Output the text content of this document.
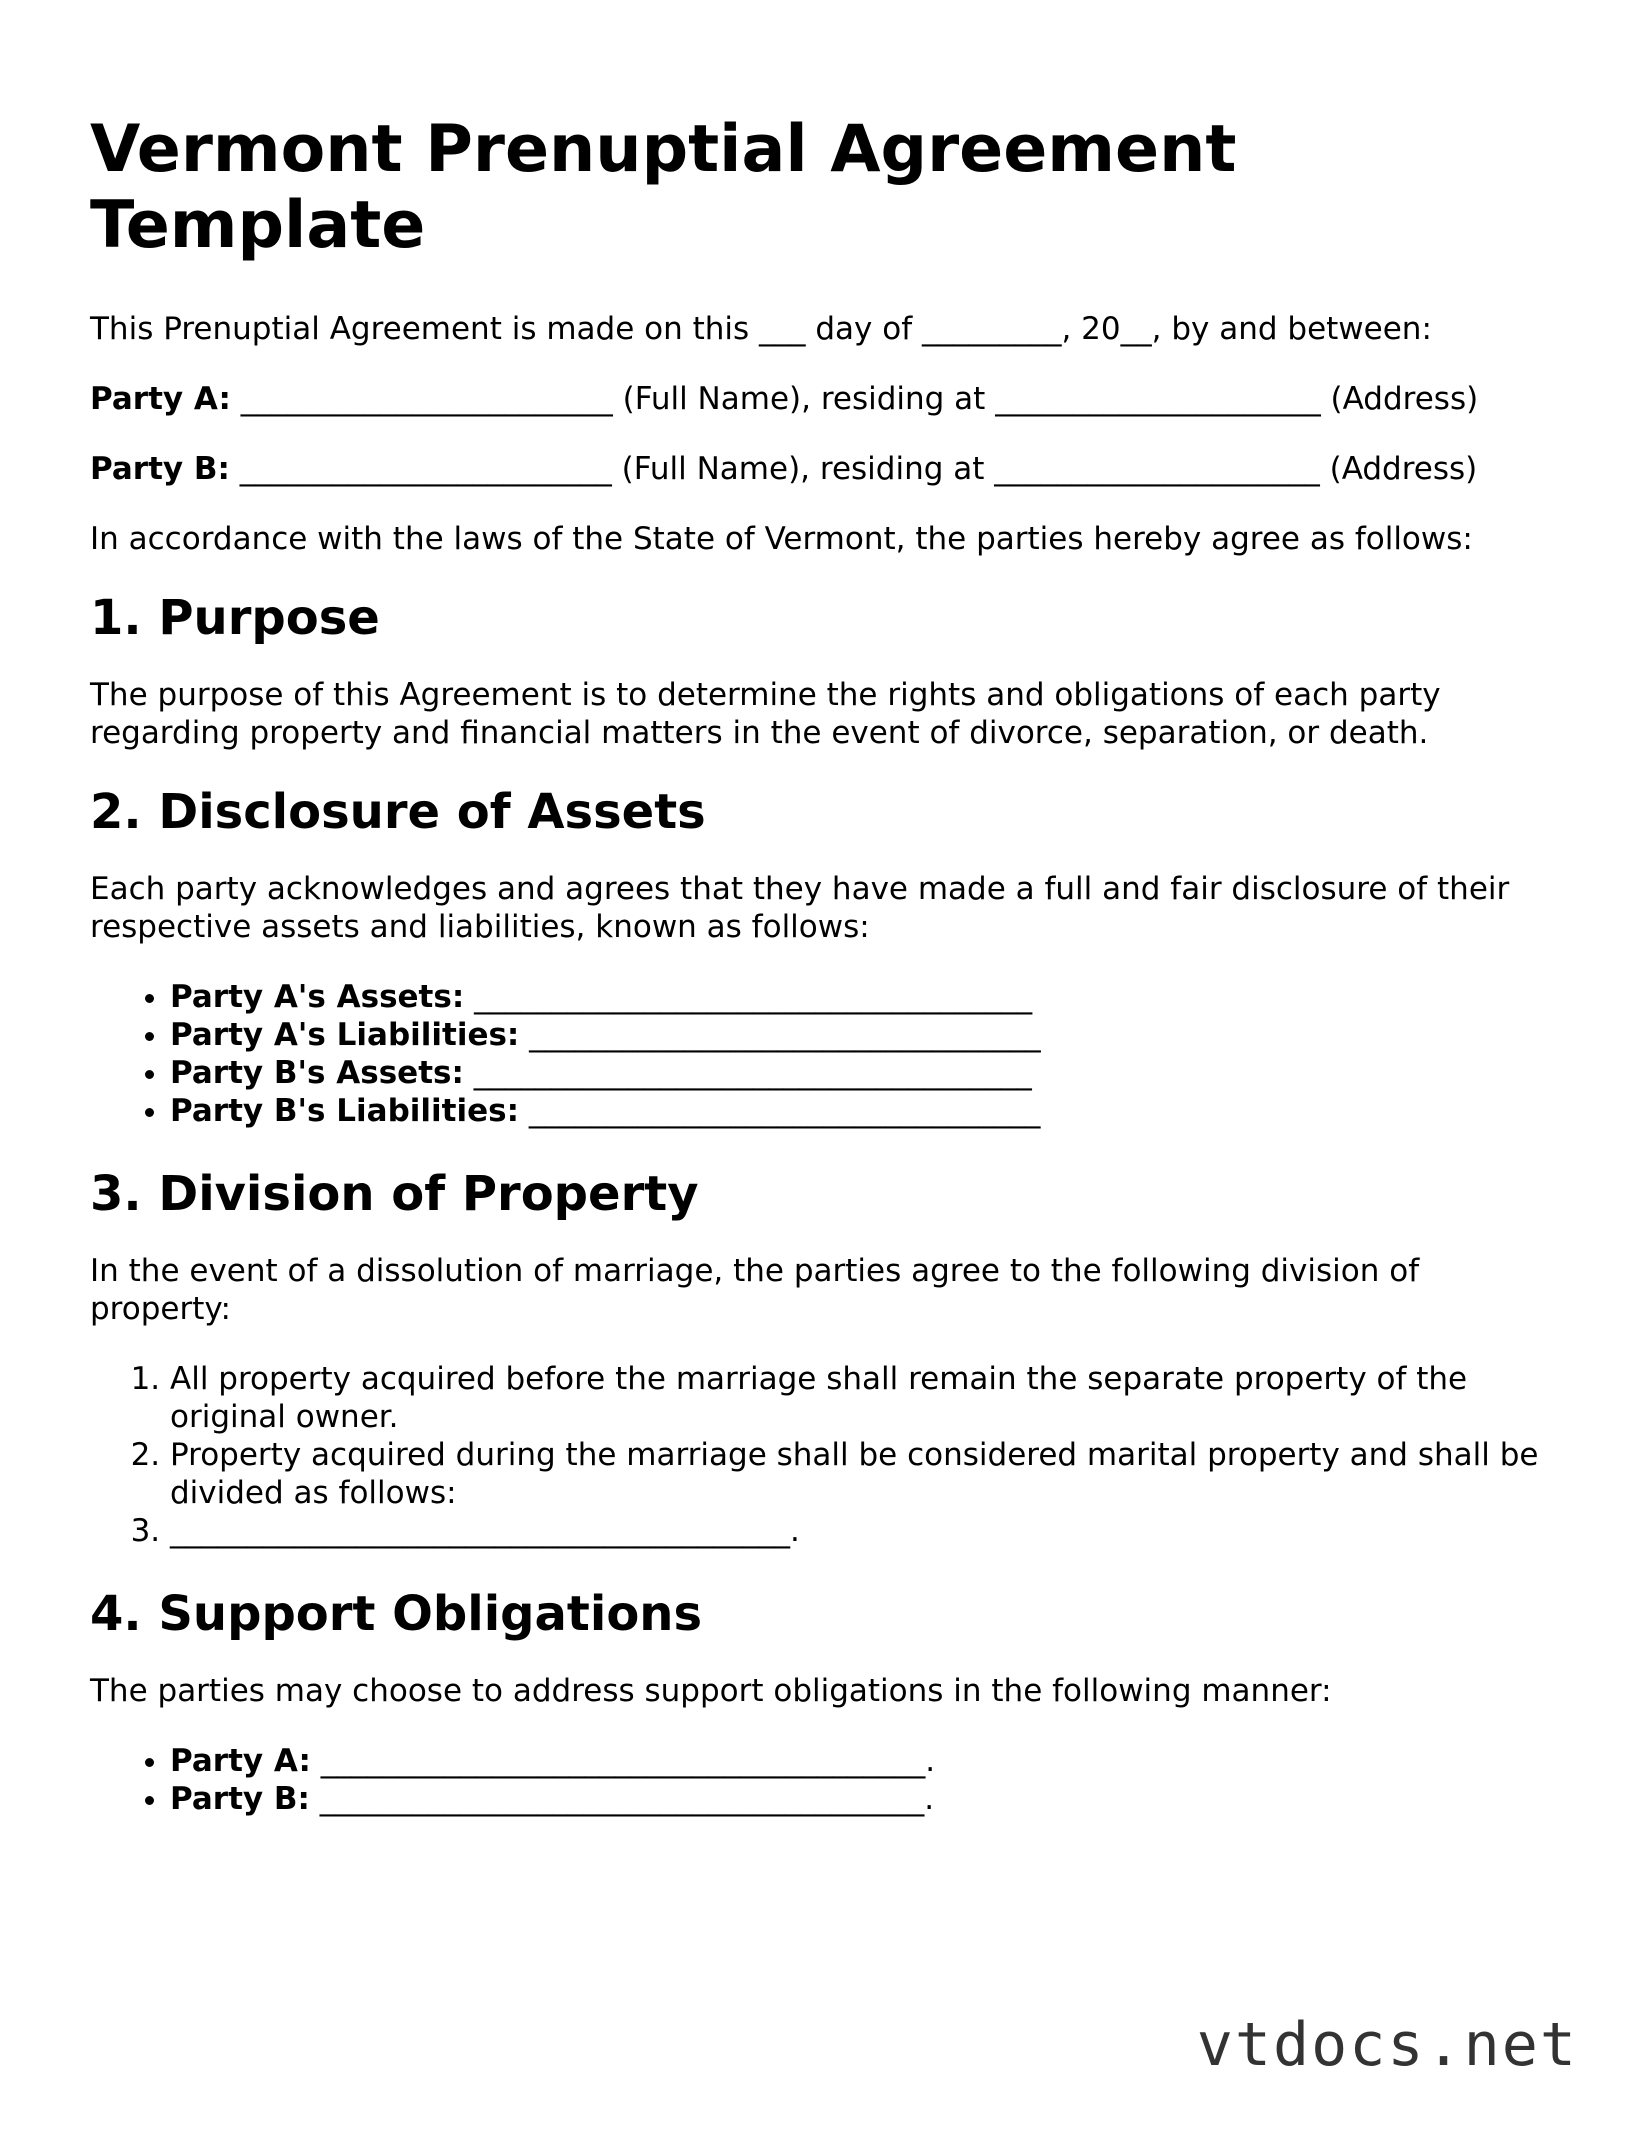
Vermont Prenuptial Agreement Template

This Prenuptial Agreement is made on this ___ day of _________, 20__, by and between:

Party A: ________________________ (Full Name), residing at _____________________ (Address)
Party B: ________________________ (Full Name), residing at _____________________ (Address)

In accordance with the laws of the State of Vermont, the parties hereby agree as follows:

1. Purpose

The purpose of this Agreement is to determine the rights and obligations of each party regarding property and financial matters in the event of divorce, separation, or death.

2. Disclosure of Assets

Each party acknowledges and agrees that they have made a full and fair disclosure of their respective assets and liabilities, known as follows:

• Party A's Assets: ____________________________________
• Party A's Liabilities: _________________________________
• Party B's Assets: ____________________________________
• Party B's Liabilities: _________________________________
3. Division of Property

In the event of a dissolution of marriage, the parties agree to the following division of property:

1. All property acquired before the marriage shall remain the separate property of the original owner.
2. Property acquired during the marriage shall be considered marital property and shall be divided as follows:
3. ________________________________________.
4. Support Obligations

The parties may choose to address support obligations in the following manner:

• Party A: _______________________________________.
• Party B: _______________________________________.
vtdocs.net
